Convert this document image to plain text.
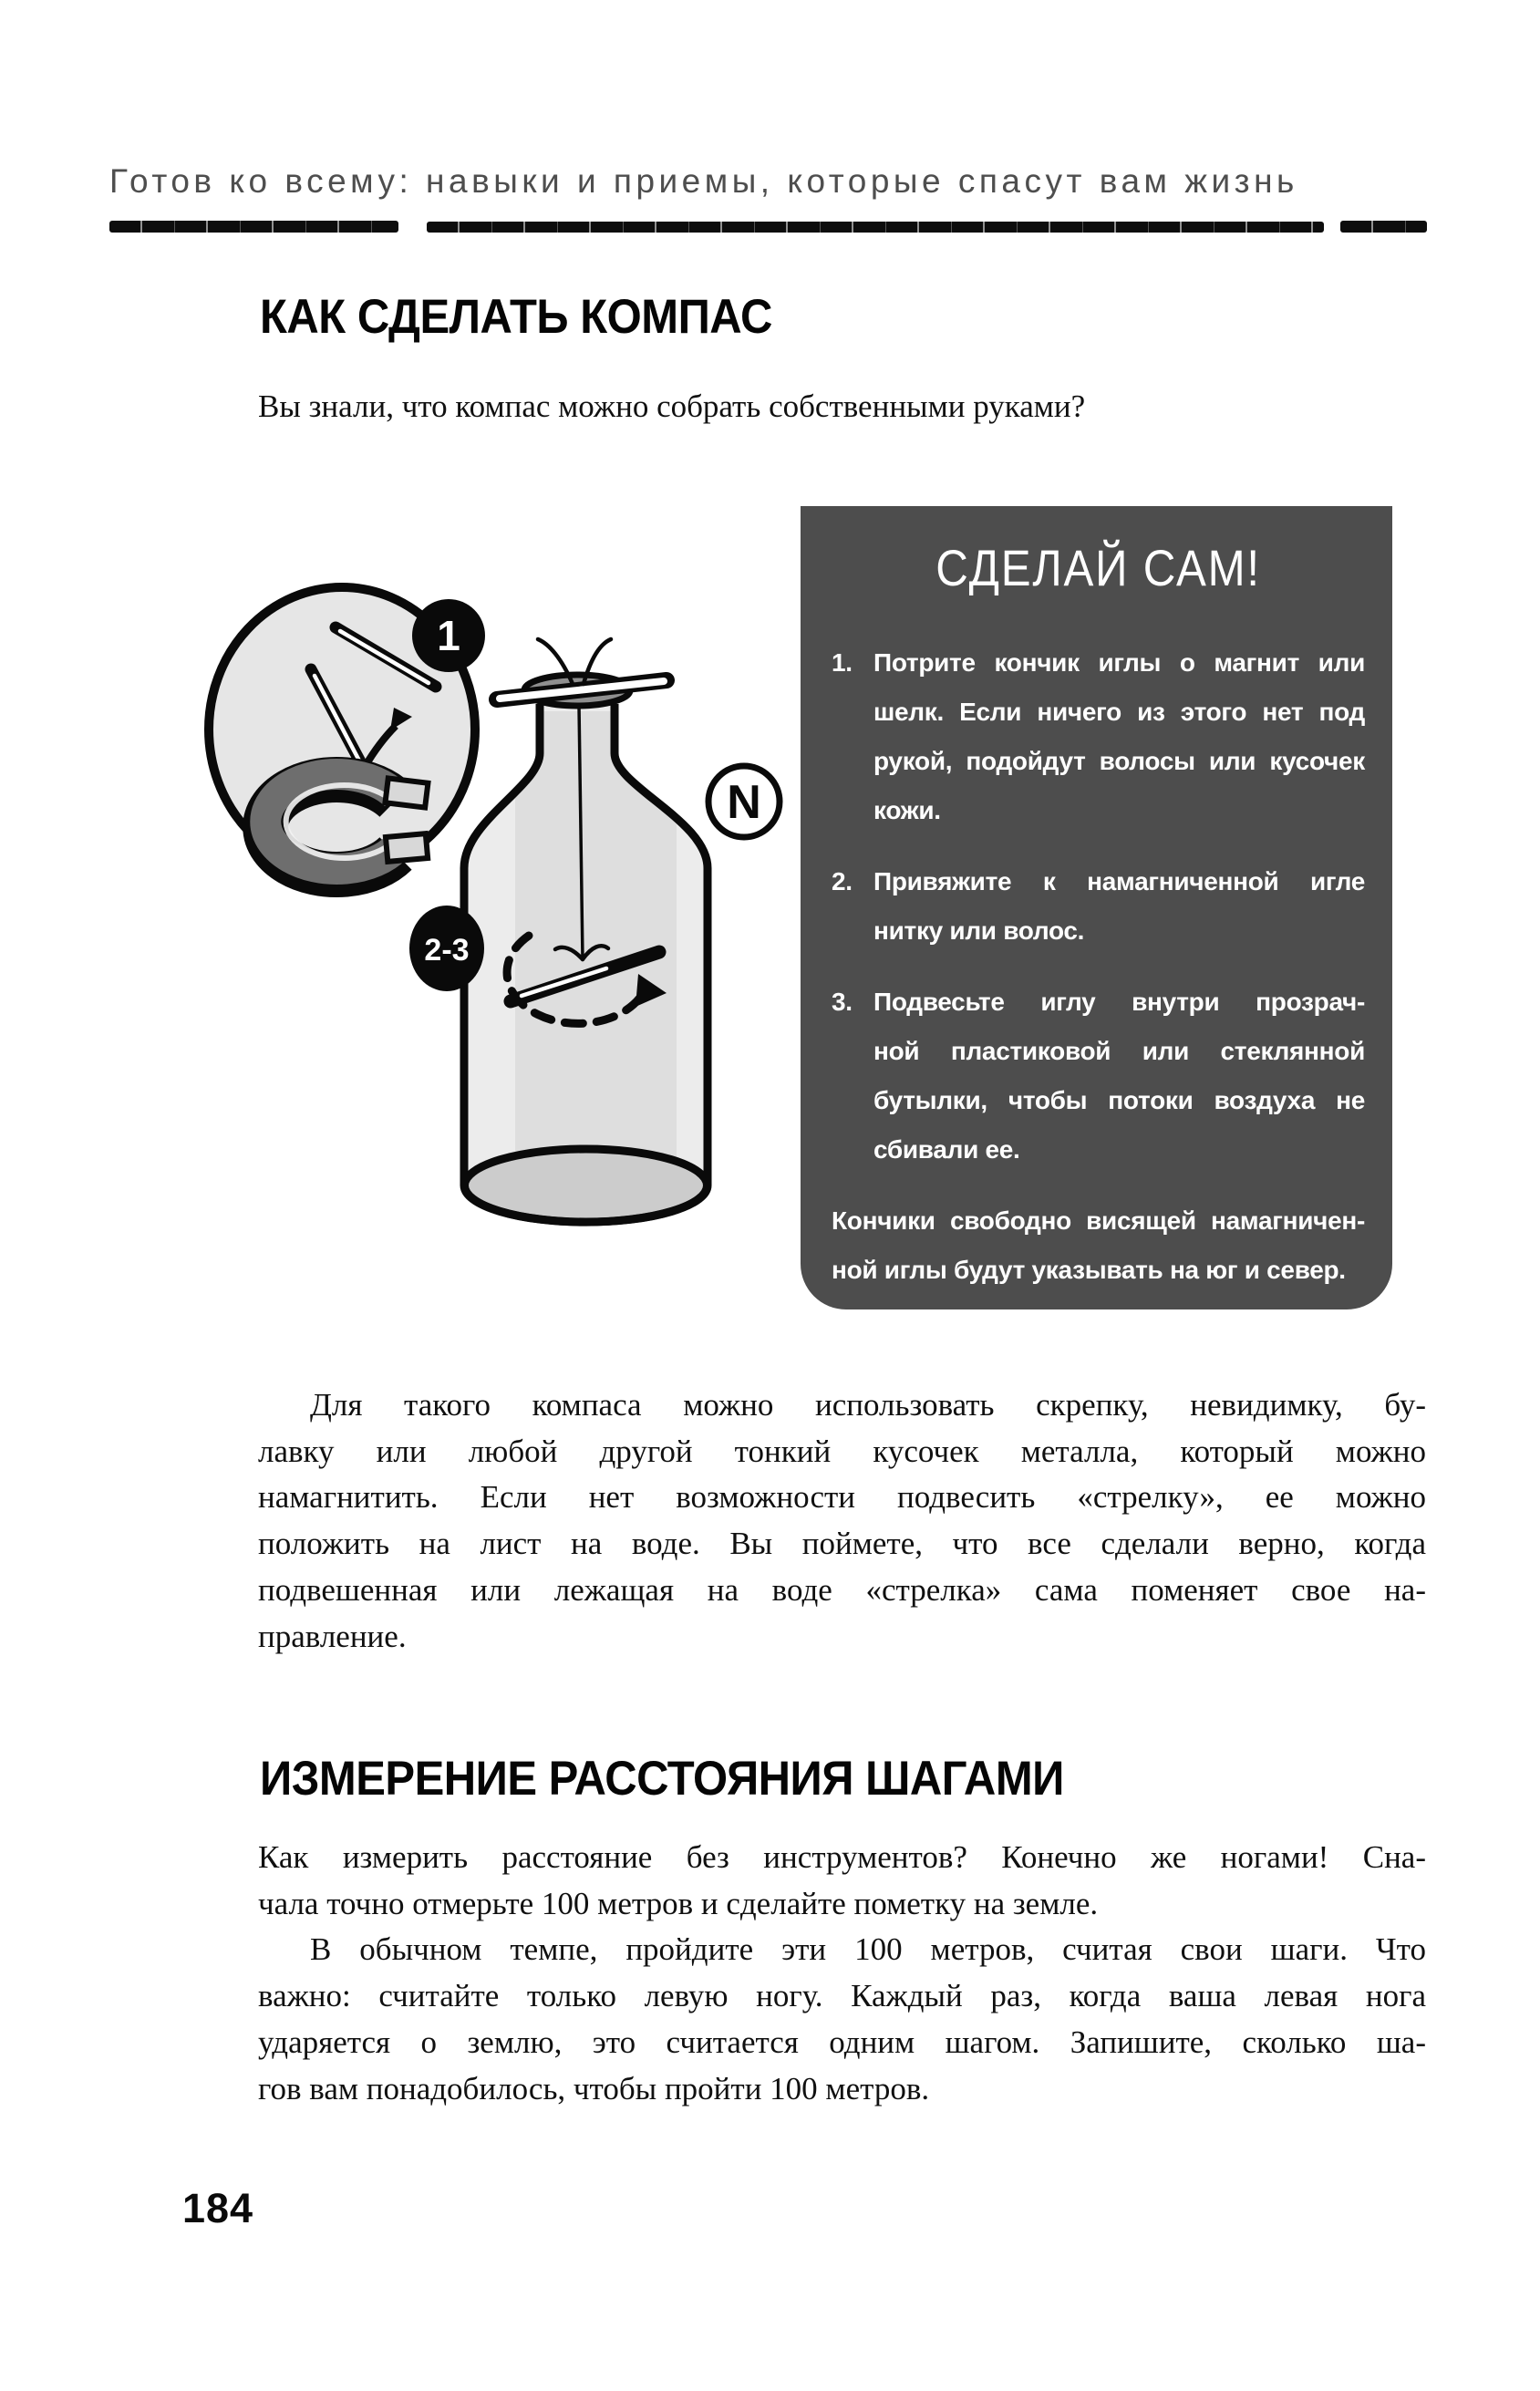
Готов ко всему: навыки и приемы, которые спасут вам жизнь
КАК СДЕЛАТЬ КОМПАС
Вы знали, что компас можно собрать собственными руками?
1
2-3
N
СДЕЛАЙ САМ!
1. Потрите кончик иглы о магнит или
шелк. Если ничего из этого нет под
рукой, подойдут волосы или кусочек
кожи.
2. Привяжите к намагниченной игле
нитку или волос.
3. Подвесьте иглу внутри прозрач-
ной пластиковой или стеклянной
бутылки, чтобы потоки воздуха не
сбивали ее.
Кончики свободно висящей намагничен-
ной иглы будут указывать на юг и север.
Для такого компаса можно использовать скрепку, невидимку, бу-
лавку или любой другой тонкий кусочек металла, который можно
намагнитить. Если нет возможности подвесить «стрелку», ее можно
положить на лист на воде. Вы поймете, что все сделали верно, когда
подвешенная или лежащая на воде «стрелка» сама поменяет свое на-
правление.
ИЗМЕРЕНИЕ РАССТОЯНИЯ ШАГАМИ
Как измерить расстояние без инструментов? Конечно же ногами! Сна-
чала точно отмерьте 100 метров и сделайте пометку на земле.
В обычном темпе, пройдите эти 100 метров, считая свои шаги. Что
важно: считайте только левую ногу. Каждый раз, когда ваша левая нога
ударяется о землю, это считается одним шагом. Запишите, сколько ша-
гов вам понадобилось, чтобы пройти 100 метров.
184
